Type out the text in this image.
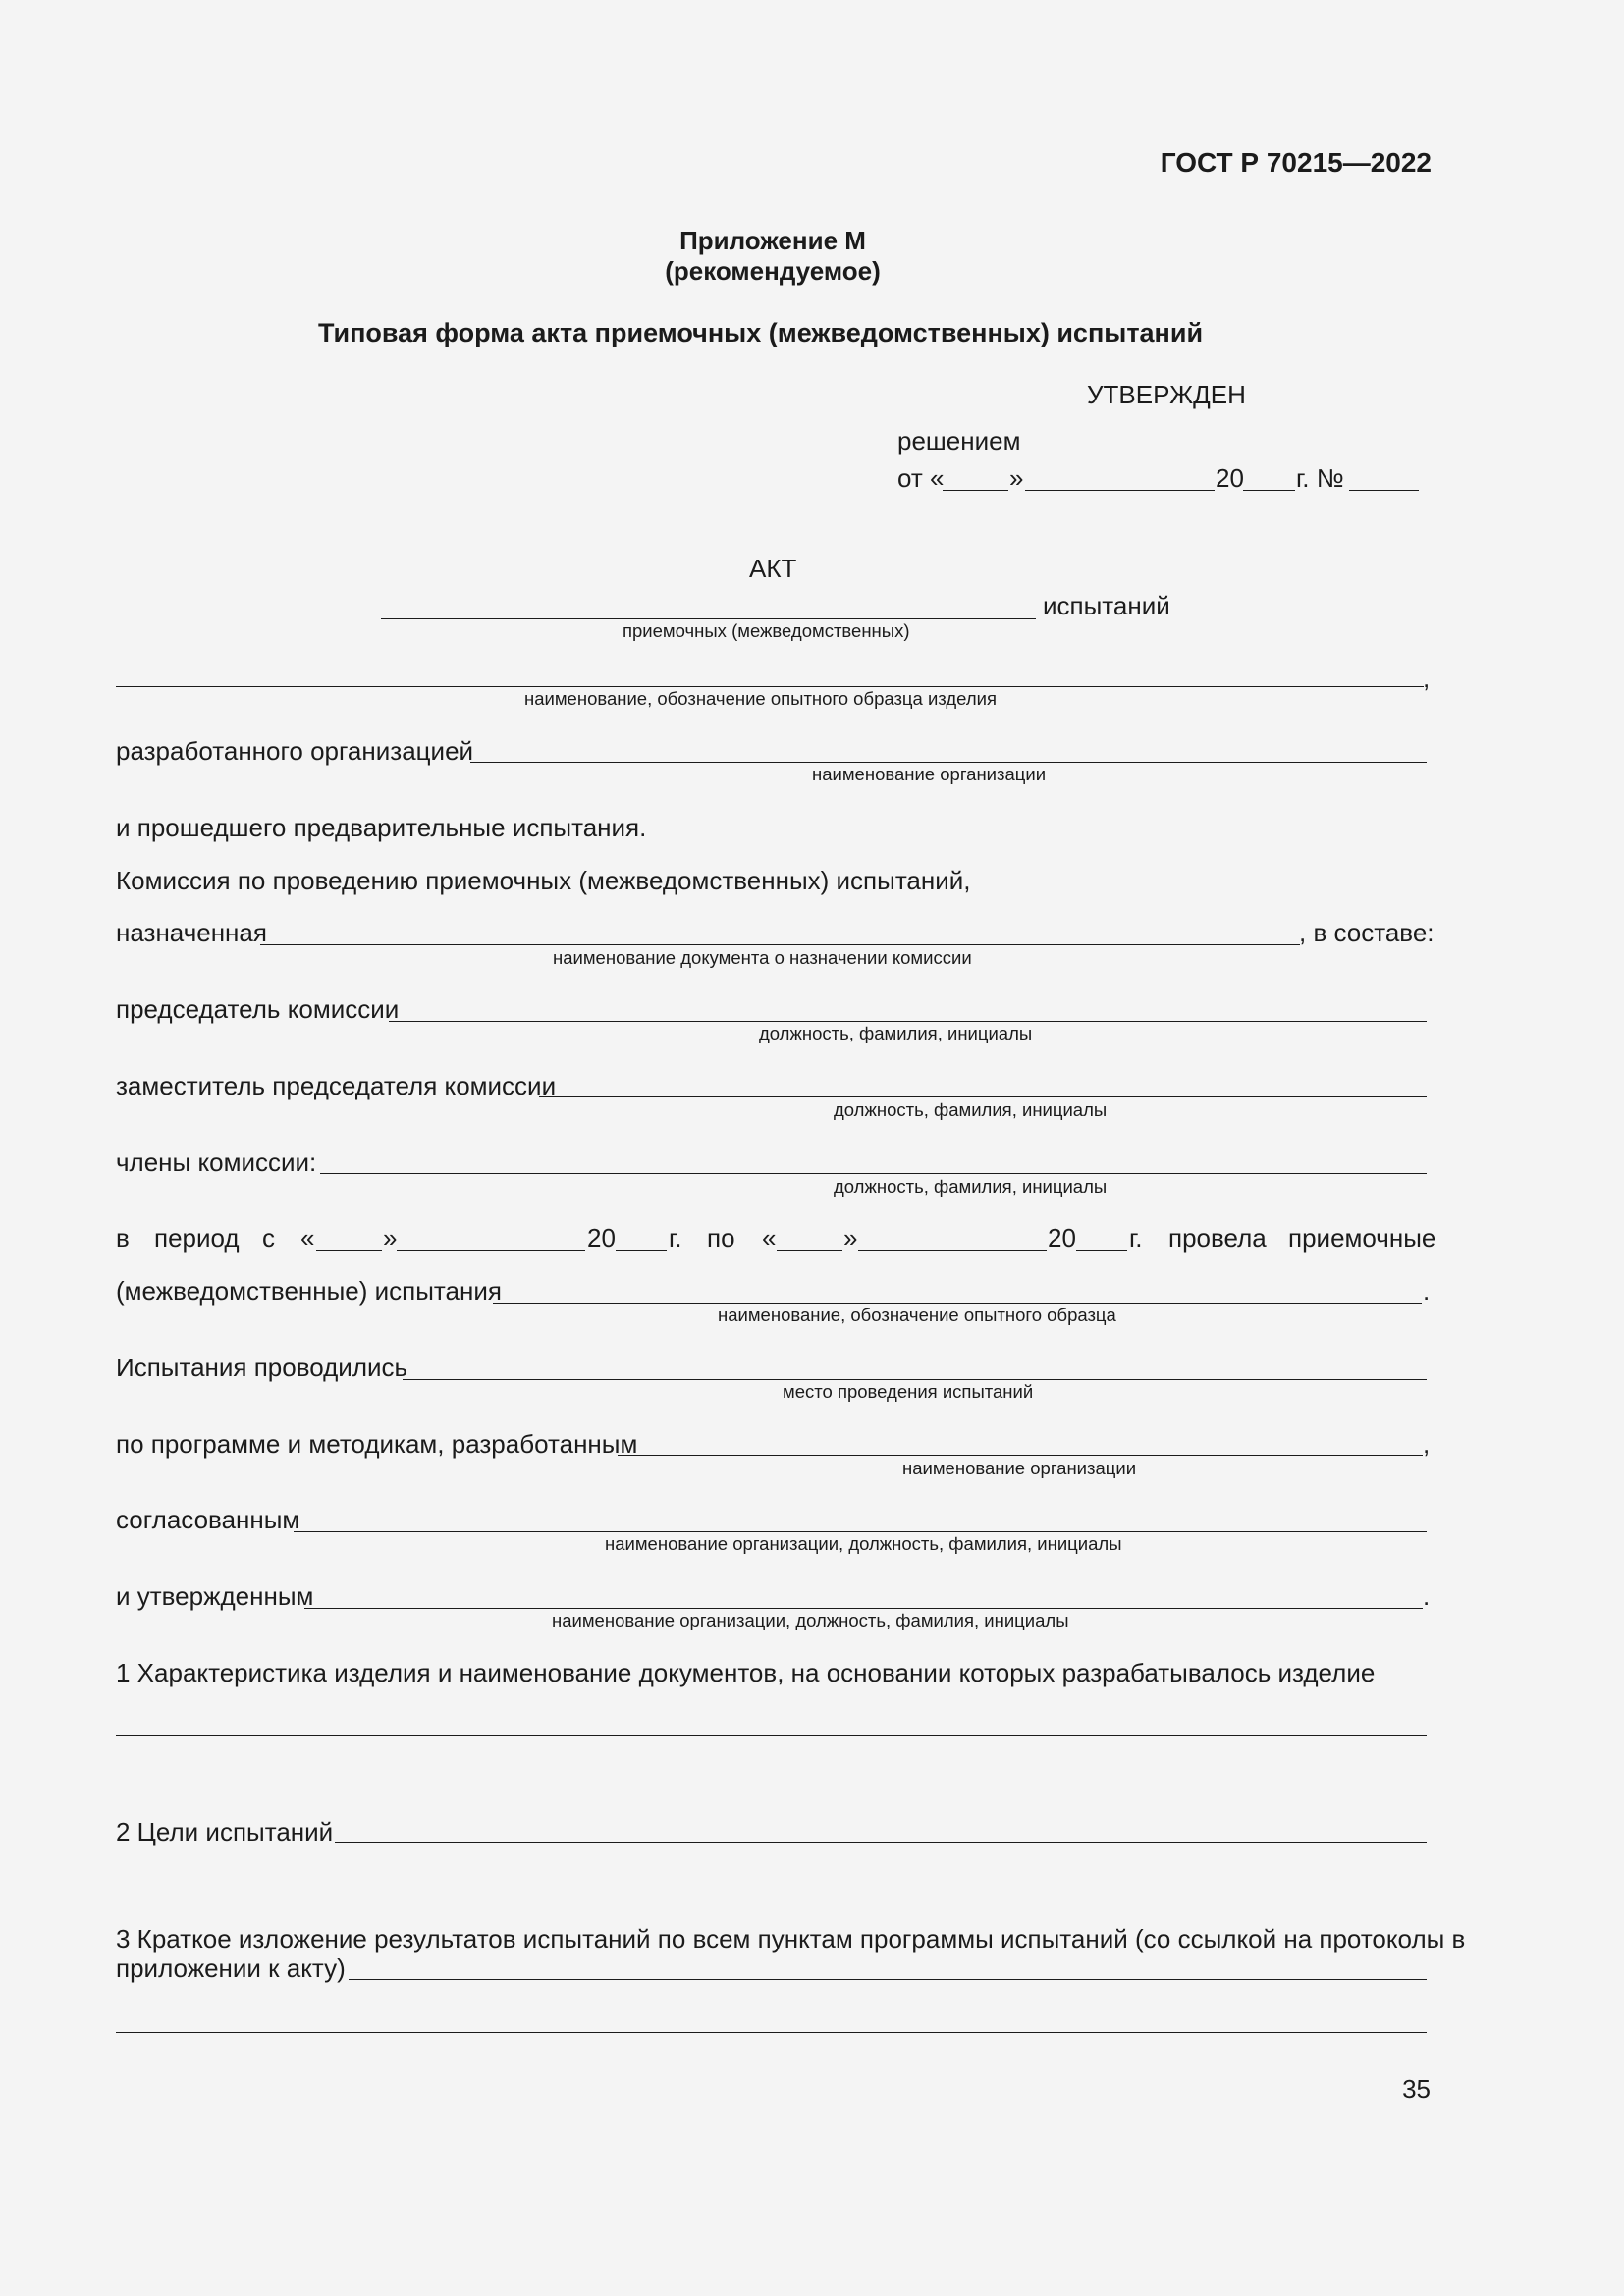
ГОСТ Р 70215—2022
Приложение М
(рекомендуемое)
Типовая форма акта приемочных (межведомственных) испытаний
УТВЕРЖДЕН
решением
от «	»	20 г. №
АКТ
испытаний
приемочных (межведомственных)
,
наименование, обозначение опытного образца изделия
разработанного организацией
наименование организации
и прошедшего предварительные испытания.
Комиссия по проведению приемочных (межведомственных) испытаний,
назначенная	, в составе:
наименование документа о назначении комиссии
председатель комиссии
должность, фамилия, инициалы
заместитель председателя комиссии
должность, фамилия, инициалы
члены комиссии:
должность, фамилия, инициалы
в период с «	»	20 г. по «	»	20 г. провела приемочные
(межведомственные) испытания	.
наименование, обозначение опытного образца
Испытания проводились
место проведения испытаний
по программе и методикам, разработанным	,
наименование организации
согласованным
наименование организации, должность, фамилия, инициалы
и утвержденным	.
наименование организации, должность, фамилия, инициалы
1 Характеристика изделия и наименование документов, на основании которых разрабатывалось изделие
2 Цели испытаний
3 Краткое изложение результатов испытаний по всем пунктам программы испытаний (со ссылкой на протоколы в
приложении к акту)
35
